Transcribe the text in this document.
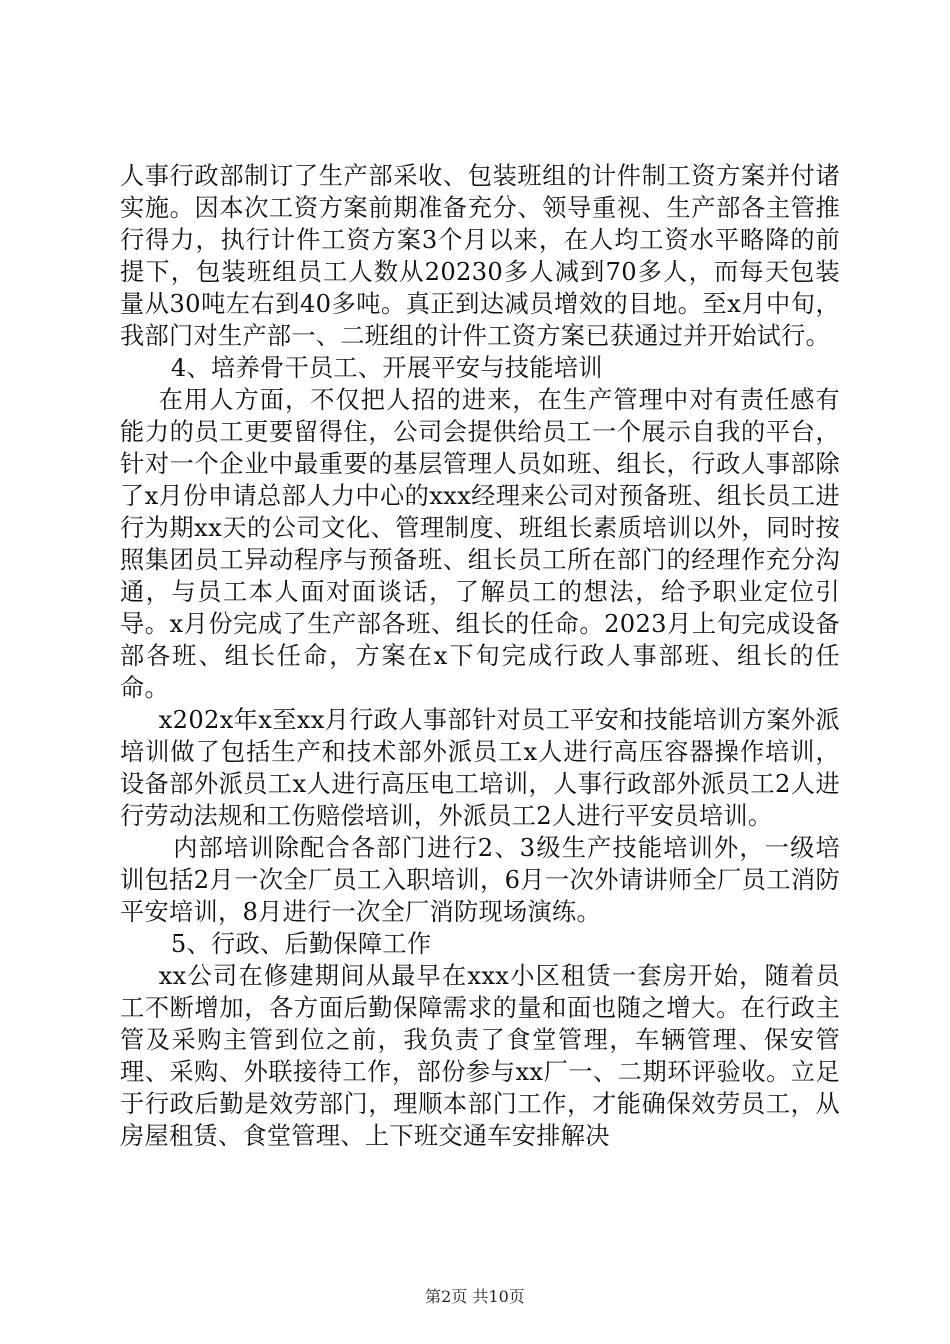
人事行政部制订了生产部采收、包装班组的计件制工资方案并付诸实施。因本次工资方案前期准备充分、领导重视、生产部各主管推行得力，执行计件工资方案3个月以来，在人均工资水平略降的前提下，包装班组员工人数从20230多人减到70多人，而每天包装量从30吨左右到40多吨。真正到达减员增效的目地。至x月中旬，我部门对生产部一、二班组的计件工资方案已获通过并开始试行。

4、培养骨干员工、开展平安与技能培训

在用人方面，不仅把人招的进来，在生产管理中对有责任感有能力的员工更要留得住，公司会提供给员工一个展示自我的平台，针对一个企业中最重要的基层管理人员如班、组长，行政人事部除了x月份申请总部人力中心的xxx经理来公司对预备班、组长员工进行为期xx天的公司文化、管理制度、班组长素质培训以外，同时按照集团员工异动程序与预备班、组长员工所在部门的经理作充分沟通，与员工本人面对面谈话，了解员工的想法，给予职业定位引导。x月份完成了生产部各班、组长的任命。2023月上旬完成设备部各班、组长任命，方案在x下旬完成行政人事部班、组长的任命。

x202x年x至xx月行政人事部针对员工平安和技能培训方案外派培训做了包括生产和技术部外派员工x人进行高压容器操作培训，设备部外派员工x人进行高压电工培训，人事行政部外派员工2人进行劳动法规和工伤赔偿培训，外派员工2人进行平安员培训。

内部培训除配合各部门进行2、3级生产技能培训外，一级培训包括2月一次全厂员工入职培训，6月一次外请讲师全厂员工消防平安培训，8月进行一次全厂消防现场演练。

5、行政、后勤保障工作

xx公司在修建期间从最早在xxx小区租赁一套房开始，随着员工不断增加，各方面后勤保障需求的量和面也随之增大。在行政主管及采购主管到位之前，我负责了食堂管理，车辆管理、保安管理、采购、外联接待工作，部份参与xx厂一、二期环评验收。立足于行政后勤是效劳部门，理顺本部门工作，才能确保效劳员工，从房屋租赁、食堂管理、上下班交通车安排解决

第2页 共10页
